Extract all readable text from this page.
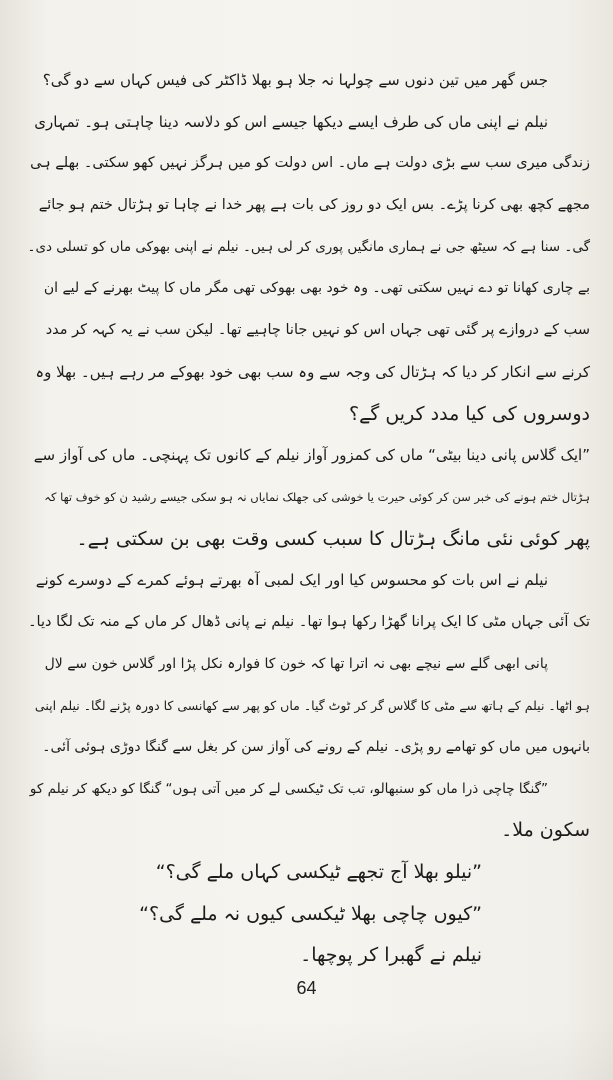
جس گھر میں تین دنوں سے چولہا نہ جلا ہو بھلا ڈاکٹر کی فیس کہاں سے دو گی؟
نیلم نے اپنی ماں کی طرف ایسے دیکھا جیسے اس کو دلاسہ دینا چاہتی ہو۔ تمہاری
زندگی میری سب سے بڑی دولت ہے ماں۔ اس دولت کو میں ہرگز نہیں کھو سکتی۔ بھلے ہی
مجھے کچھ بھی کرنا پڑے۔ بس ایک دو روز کی بات ہے پھر خدا نے چاہا تو ہڑتال ختم ہو جائے
گی۔ سنا ہے کہ سیٹھ جی نے ہماری مانگیں پوری کر لی ہیں۔ نیلم نے اپنی بھوکی ماں کو تسلی دی۔
بے چاری کھانا تو دے نہیں سکتی تھی۔ وہ خود بھی بھوکی تھی مگر ماں کا پیٹ بھرنے کے لیے ان
سب کے دروازے پر گئی تھی جہاں اس کو نہیں جانا چاہیے تھا۔ لیکن سب نے یہ کہہ کر مدد
کرنے سے انکار کر دیا کہ ہڑتال کی وجہ سے وہ سب بھی خود بھوکے مر رہے ہیں۔ بھلا وہ
دوسروں کی کیا مدد کریں گے؟
”ایک گلاس پانی دینا بیٹی“ ماں کی کمزور آواز نیلم کے کانوں تک پہنچی۔ ماں کی آواز سے
ہڑتال ختم ہونے کی خبر سن کر کوئی حیرت یا خوشی کی جھلک نمایاں نہ ہو سکی جیسے رشید ن کو خوف تھا کہ
پھر کوئی نئی مانگ ہڑتال کا سبب کسی وقت بھی بن سکتی ہے۔
نیلم نے اس بات کو محسوس کیا اور ایک لمبی آہ بھرتے ہوئے کمرے کے دوسرے کونے
تک آئی جہاں مٹی کا ایک پرانا گھڑا رکھا ہوا تھا۔ نیلم نے پانی ڈھال کر ماں کے منہ تک لگا دیا۔
پانی ابھی گلے سے نیچے بھی نہ اترا تھا کہ خون کا فوارہ نکل پڑا اور گلاس خون سے لال
ہو اٹھا۔ نیلم کے ہاتھ سے مٹی کا گلاس گر کر ٹوٹ گیا۔ ماں کو پھر سے کھانسی کا دورہ پڑنے لگا۔ نیلم اپنی
بانہوں میں ماں کو تھامے رو پڑی۔ نیلم کے رونے کی آواز سن کر بغل سے گنگا دوڑی ہوئی آئی۔
”گنگا چاچی ذرا ماں کو سنبھالو، تب تک ٹیکسی لے کر میں آتی ہوں“ گنگا کو دیکھ کر نیلم کو
سکون ملا۔
”نیلو بھلا آج تجھے ٹیکسی کہاں ملے گی؟“
”کیوں چاچی بھلا ٹیکسی کیوں نہ ملے گی؟“
نیلم نے گھبرا کر پوچھا۔
64
